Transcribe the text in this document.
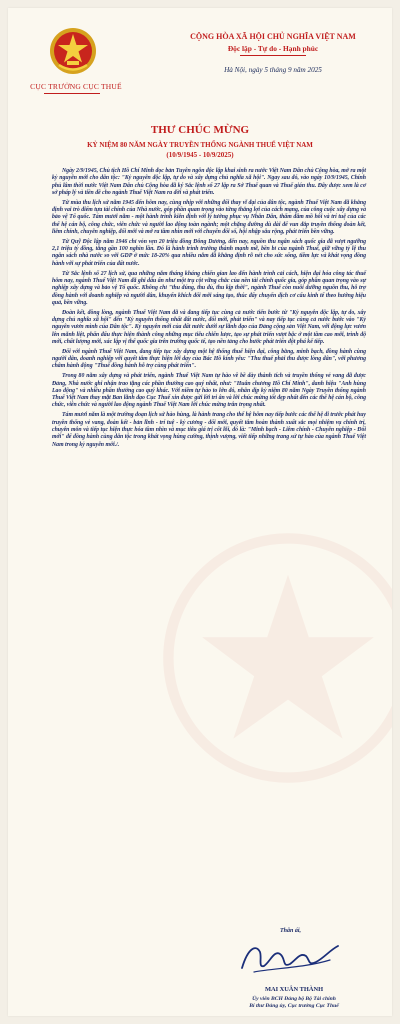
CỤC TRƯỞNG CỤC THUẾ
CỘNG HÒA XÃ HỘI CHỦ NGHĨA VIỆT NAM
Độc lập - Tự do - Hạnh phúc
Hà Nội, ngày 5 tháng 9 năm 2025
THƯ CHÚC MỪNG
KỶ NIỆM 80 NĂM NGÀY TRUYỀN THỐNG NGÀNH THUẾ VIỆT NAM
(10/9/1945 - 10/9/2025)

Ngày 2/9/1945, Chủ tịch Hồ Chí Minh đọc bản Tuyên ngôn độc lập khai sinh ra nước Việt Nam Dân chủ Cộng hòa, mở ra một kỷ nguyên mới cho dân tộc: "Kỷ nguyên độc lập, tự do và xây dựng chủ nghĩa xã hội". Ngay sau đó, vào ngày 10/9/1945, Chính phủ lâm thời nước Việt Nam Dân chủ Cộng hòa đã ký Sắc lệnh số 27 lập ra Sở Thuế quan và Thuế gián thu. Đây được xem là cơ sở pháp lý và tiền đề cho ngành Thuế Việt Nam ra đời và phát triển.

Từ mùa thu lịch sử năm 1945 đến hôm nay, cùng nhịp với những đổi thay vĩ đại của dân tộc, ngành Thuế Việt Nam đã khẳng định vai trò điểm tựa tài chính của Nhà nước, góp phần quan trọng vào từng thắng lợi của cách mạng, của công cuộc xây dựng và bảo vệ Tổ quốc. Tám mươi năm - một hành trình kiên định với lý tưởng phục vụ Nhân Dân, thấm đẫm mồ hôi và trí tuệ của các thế hệ cán bộ, công chức, viên chức và người lao động toàn ngành; một chặng đường dù dài để vun đắp truyền thống đoàn kết, liêm chính, chuyên nghiệp, đổi mới và mở ra tầm nhìn mới với chuyển đổi số, hội nhập sâu rộng, phát triển bền vững.

Từ Quỹ Độc lập năm 1946 chỉ vỏn vẹn 20 triệu đồng Đông Dương, đến nay, nguồn thu ngân sách quốc gia đã vượt ngưỡng 2,1 triệu tỷ đồng, tăng gần 100 nghìn lần. Đó là hành trình trưởng thành mạnh mẽ, bền bỉ của ngành Thuế, giữ vững tỷ lệ thu ngân sách nhà nước so với GDP ở mức 18-20% qua nhiều năm đã khẳng định rõ nét cho sức sống, tiềm lực và khát vọng đồng hành với sự phát triển của đất nước.

Từ Sắc lệnh số 27 lịch sử, qua những năm tháng kháng chiến gian lao đến hành trình cải cách, hiện đại hóa công tác thuế hôm nay, ngành Thuế Việt Nam đã ghi dấu ấn như một trụ cột vững chắc của nền tài chính quốc gia, góp phần quan trọng vào sự nghiệp xây dựng và bảo vệ Tổ quốc. Không chỉ "thu đúng, thu đủ, thu kịp thời", ngành Thuế còn nuôi dưỡng nguồn thu, hỗ trợ đồng hành với doanh nghiệp và người dân, khuyến khích đổi mới sáng tạo, thúc đẩy chuyển dịch cơ cấu kinh tế theo hướng hiệu quả, bền vững.

Đoàn kết, đồng lòng, ngành Thuế Việt Nam đã và đang tiếp tục cùng cả nước tiến bước từ "Kỷ nguyên độc lập, tự do, xây dựng chủ nghĩa xã hội" đến "Kỷ nguyên thống nhất đất nước, đổi mới, phát triển" và nay tiếp tục cùng cả nước bước vào "Kỷ nguyên vươn mình của Dân tộc". Kỷ nguyên mới của đất nước dưới sự lãnh đạo của Đảng cộng sản Việt Nam, với động lực vươn lên mãnh liệt, phấn đấu thực hiện thành công những mục tiêu chiến lược, tạo sự phát triển vượt bậc ở một tầm cao mới, trình độ mới, chất lượng mới, xác lập vị thế quốc gia trên trường quốc tế, tạo nền tảng cho bước phát triển đột phá kế tiếp.

Đối với ngành Thuế Việt Nam, đang tiếp tục xây dựng một hệ thống thuế hiện đại, công bằng, minh bạch, đồng hành cùng người dân, doanh nghiệp với quyết tâm thực hiện lời dạy của Bác Hồ kính yêu: "Thu thuế phải thu được lòng dân", với phương châm hành động "Thuế đồng hành hỗ trợ cùng phát triển".

Trong 80 năm xây dựng và phát triển, ngành Thuế Việt Nam tự hào về bề dày thành tích và truyền thống vẻ vang đã được Đảng, Nhà nước ghi nhận trao tặng các phần thưởng cao quý nhất, như: "Huân chương Hồ Chí Minh", danh hiệu "Anh hùng Lao động" và nhiều phần thưởng cao quý khác. Với niềm tự hào to lớn đó, nhân dịp kỷ niệm 80 năm Ngày Truyền thống ngành Thuế Việt Nam thay mặt Ban lãnh đạo Cục Thuế xin được gửi lời tri ân và lời chúc mừng tốt đẹp nhất đến các thế hệ cán bộ, công chức, viên chức và người lao động ngành Thuế Việt Nam lời chúc mừng trân trọng nhất.

Tám mươi năm là một trường đoạn lịch sử hào hùng, là hành trang cho thế hệ hôm nay tiếp bước các thế hệ đi trước phát huy truyền thống vẻ vang, đoàn kết - bản lĩnh - trí tuệ - kỷ cương - đổi mới, quyết tâm hoàn thành xuất sắc mọi nhiệm vụ chính trị, chuyên môn và tiếp tục hiện thực hóa tầm nhìn và mục tiêu giá trị cốt lõi, đó là: "Minh bạch - Liêm chính - Chuyên nghiệp - Đổi mới" để đồng hành cùng dân tộc trong khát vọng hùng cường, thịnh vượng, viết tiếp những trang sử tự hào của ngành Thuế Việt Nam trong kỷ nguyên mới./.

Thân ái,
MAI XUÂN THÀNH
Ủy viên BCH Đảng bộ Bộ Tài chính
Bí thư Đảng ủy, Cục trưởng Cục Thuế
